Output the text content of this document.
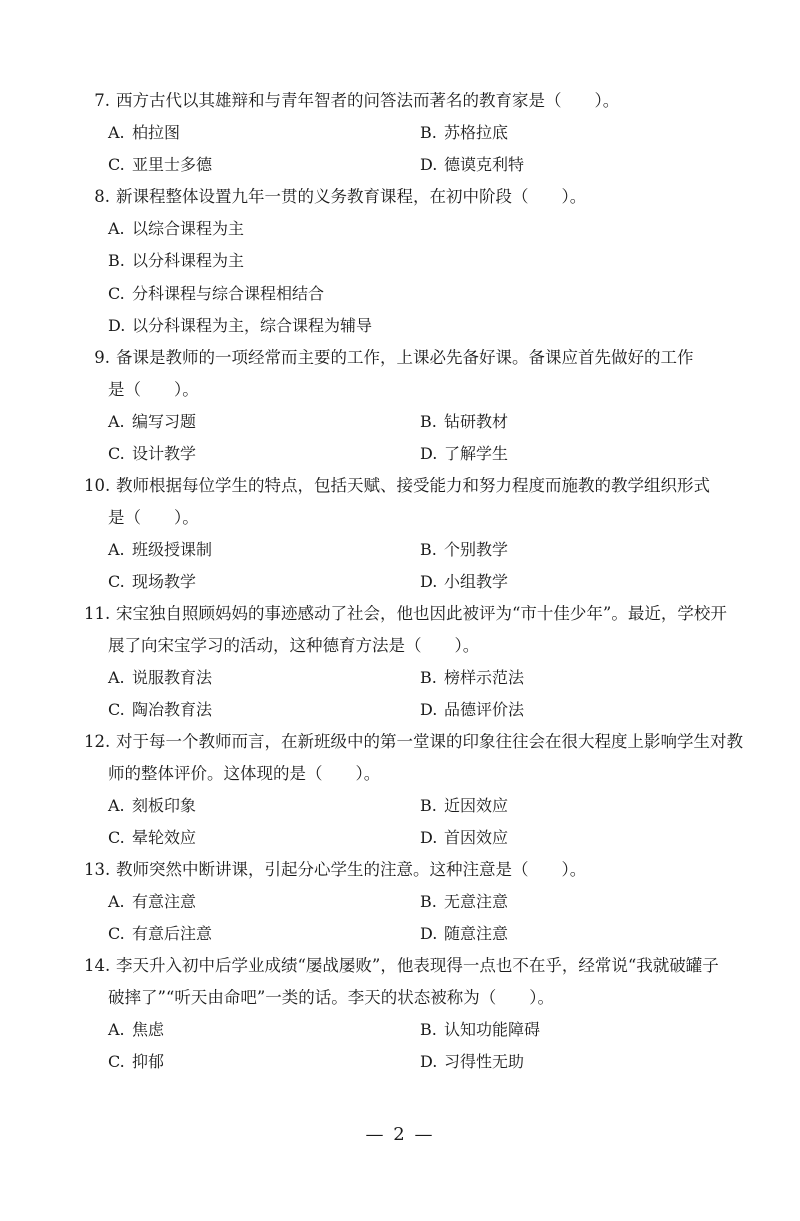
7. 西方古代以其雄辩和与青年智者的问答法而著名的教育家是（　　）。
A. 柏拉图	B. 苏格拉底
C. 亚里士多德	D. 德谟克利特
8. 新课程整体设置九年一贯的义务教育课程，在初中阶段（　　）。
A. 以综合课程为主
B. 以分科课程为主
C. 分科课程与综合课程相结合
D. 以分科课程为主，综合课程为辅导
9. 备课是教师的一项经常而主要的工作，上课必先备好课。备课应首先做好的工作
是（　　）。
A. 编写习题	B. 钻研教材
C. 设计教学	D. 了解学生
10. 教师根据每位学生的特点，包括天赋、接受能力和努力程度而施教的教学组织形式
是（　　）。
A. 班级授课制	B. 个别教学
C. 现场教学	D. 小组教学
11. 宋宝独自照顾妈妈的事迹感动了社会，他也因此被评为“市十佳少年”。最近，学校开
展了向宋宝学习的活动，这种德育方法是（　　）。
A. 说服教育法	B. 榜样示范法
C. 陶冶教育法	D. 品德评价法
12. 对于每一个教师而言，在新班级中的第一堂课的印象往往会在很大程度上影响学生对教
师的整体评价。这体现的是（　　）。
A. 刻板印象	B. 近因效应
C. 晕轮效应	D. 首因效应
13. 教师突然中断讲课，引起分心学生的注意。这种注意是（　　）。
A. 有意注意	B. 无意注意
C. 有意后注意	D. 随意注意
14. 李天升入初中后学业成绩“屡战屡败”，他表现得一点也不在乎，经常说“我就破罐子
破摔了”“听天由命吧”一类的话。李天的状态被称为（　　）。
A. 焦虑	B. 认知功能障碍
C. 抑郁	D. 习得性无助
— 2 —
